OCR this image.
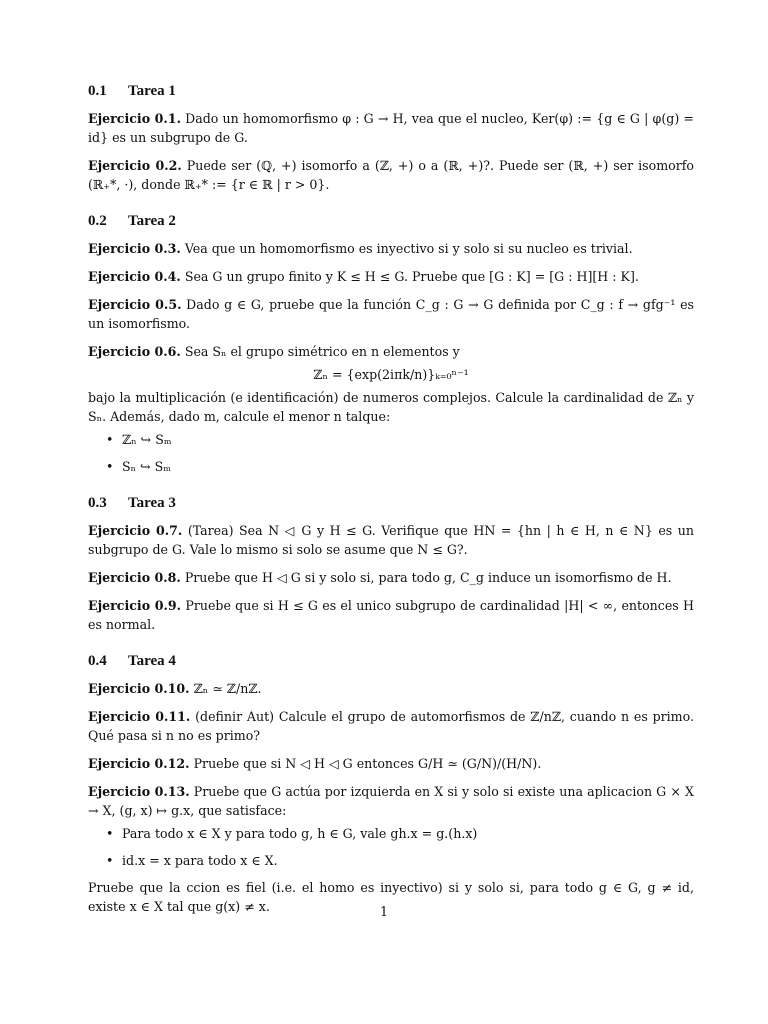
0.1 Tarea 1

Ejercicio 0.1. Dado un homomorfismo φ : G → H, vea que el nucleo, Ker(φ) := {g ∈ G | φ(g) = id} es un subgrupo de G.

Ejercicio 0.2. Puede ser (ℚ, +) isomorfo a (ℤ, +) o a (ℝ, +)?. Puede ser (ℝ, +) ser isomorfo (ℝ₊*, ·), donde ℝ₊* := {r ∈ ℝ | r > 0}.

0.2 Tarea 2

Ejercicio 0.3. Vea que un homomorfismo es inyectivo si y solo si su nucleo es trivial.

Ejercicio 0.4. Sea G un grupo finito y K ≤ H ≤ G. Pruebe que [G : K] = [G : H][H : K].

Ejercicio 0.5. Dado g ∈ G, pruebe que la función C_g : G → G definida por C_g : f → gfg⁻¹ es un isomorfismo.

Ejercicio 0.6. Sea Sₙ el grupo simétrico en n elementos y

ℤₙ = {exp(2iπk/n)}ₖ₌₀ⁿ⁻¹

bajo la multiplicación (e identificación) de numeros complejos. Calcule la cardinalidad de ℤₙ y Sₙ. Además, dado m, calcule el menor n talque:

• ℤₙ ↪ Sₘ
• Sₙ ↪ Sₘ
0.3 Tarea 3

Ejercicio 0.7. (Tarea) Sea N ◁ G y H ≤ G. Verifique que HN = {hn | h ∈ H, n ∈ N} es un subgrupo de G. Vale lo mismo si solo se asume que N ≤ G?.

Ejercicio 0.8. Pruebe que H ◁ G si y solo si, para todo g, C_g induce un isomorfismo de H.

Ejercicio 0.9. Pruebe que si H ≤ G es el unico subgrupo de cardinalidad |H| < ∞, entonces H es normal.

0.4 Tarea 4

Ejercicio 0.10. ℤₙ ≃ ℤ/nℤ.

Ejercicio 0.11. (definir Aut) Calcule el grupo de automorfismos de ℤ/nℤ, cuando n es primo. Qué pasa si n no es primo?

Ejercicio 0.12. Pruebe que si N ◁ H ◁ G entonces G/H ≃ (G/N)/(H/N).

Ejercicio 0.13. Pruebe que G actúa por izquierda en X si y solo si existe una aplicacion G × X → X, (g, x) ↦ g.x, que satisface:

• Para todo x ∈ X y para todo g, h ∈ G, vale gh.x = g.(h.x)
• id.x = x para todo x ∈ X.

Pruebe que la ccion es fiel (i.e. el homo es inyectivo) si y solo si, para todo g ∈ G, g ≠ id, existe x ∈ X tal que g(x) ≠ x.	1
